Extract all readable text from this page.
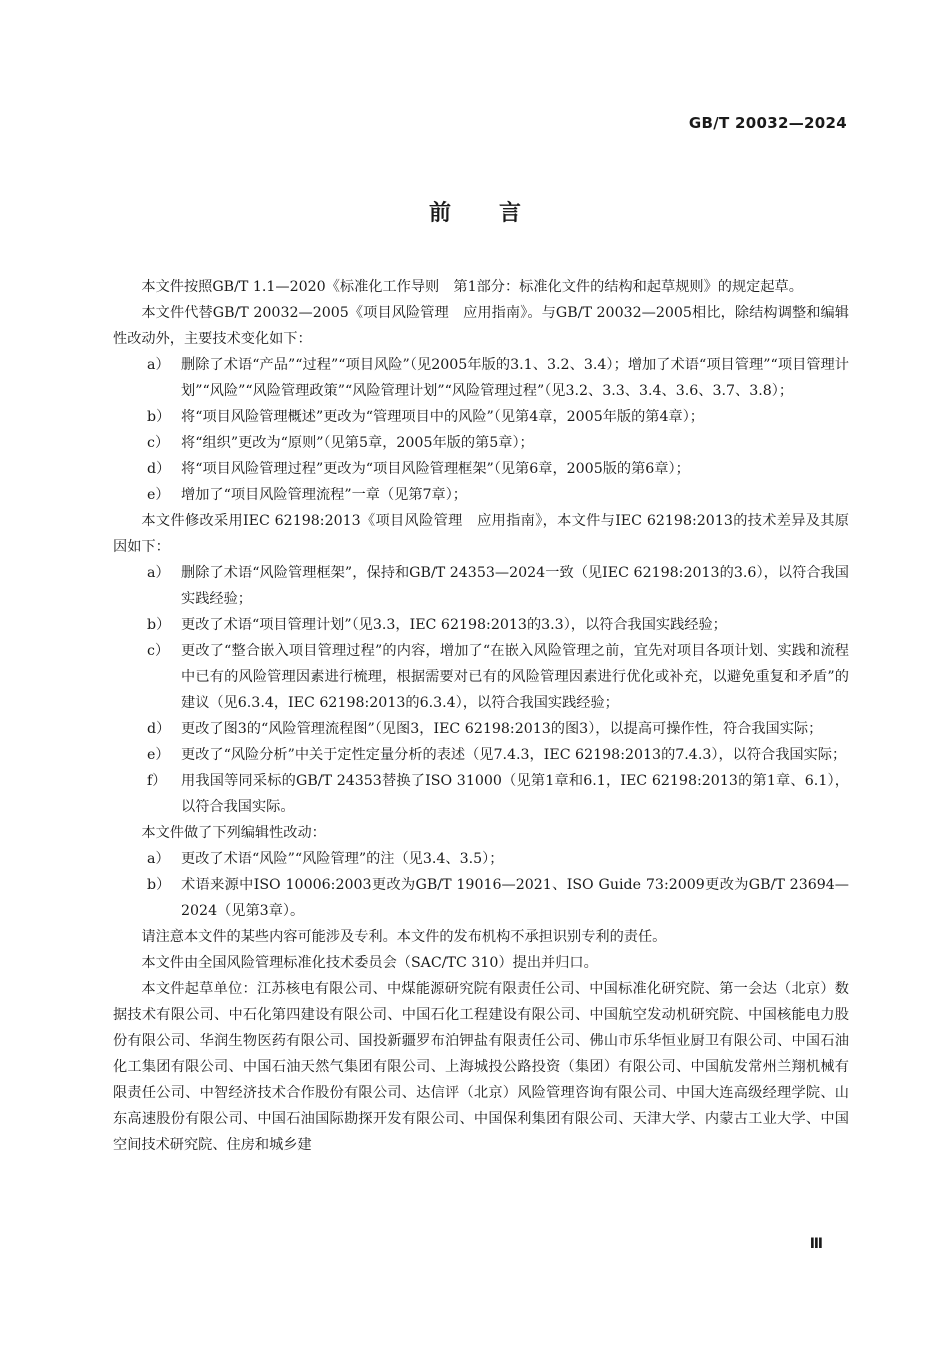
GB/T 20032—2024
前言

本文件按照GB/T 1.1—2020《标准化工作导则　第1部分：标准化文件的结构和起草规则》的规定起草。

本文件代替GB/T 20032—2005《项目风险管理　应用指南》。与GB/T 20032—2005相比，除结构调整和编辑性改动外，主要技术变化如下：

a） 删除了术语“产品”“过程”“项目风险”（见2005年版的3.1、3.2、3.4）；增加了术语“项目管理”“项目管理计划”“风险”“风险管理政策”“风险管理计划”“风险管理过程”（见3.2、3.3、3.4、3.6、3.7、3.8）；
b） 将“项目风险管理概述”更改为“管理项目中的风险”（见第4章，2005年版的第4章）；
c） 将“组织”更改为“原则”（见第5章，2005年版的第5章）；
d） 将“项目风险管理过程”更改为“项目风险管理框架”（见第6章，2005版的第6章）；
e） 增加了“项目风险管理流程”一章（见第7章）；

本文件修改采用IEC 62198:2013《项目风险管理　应用指南》，本文件与IEC 62198:2013的技术差异及其原因如下：

a） 删除了术语“风险管理框架”，保持和GB/T 24353—2024一致（见IEC 62198:2013的3.6），以符合我国实践经验；
b） 更改了术语“项目管理计划”（见3.3，IEC 62198:2013的3.3），以符合我国实践经验；
c） 更改了“整合嵌入项目管理过程”的内容，增加了“在嵌入风险管理之前，宜先对项目各项计划、实践和流程中已有的风险管理因素进行梳理，根据需要对已有的风险管理因素进行优化或补充，以避免重复和矛盾”的建议（见6.3.4，IEC 62198:2013的6.3.4），以符合我国实践经验；
d） 更改了图3的“风险管理流程图”（见图3，IEC 62198:2013的图3），以提高可操作性，符合我国实际；
e） 更改了“风险分析”中关于定性定量分析的表述（见7.4.3，IEC 62198:2013的7.4.3），以符合我国实际；
f）	用我国等同采标的GB/T 24353替换了ISO 31000（见第1章和6.1，IEC 62198:2013的第1章、6.1），以符合我国实际。

本文件做了下列编辑性改动：

a） 更改了术语“风险”“风险管理”的注（见3.4、3.5）；
b） 术语来源中ISO 10006:2003更改为GB/T 19016—2021、ISO Guide 73:2009更改为GB/T 23694—2024（见第3章）。

请注意本文件的某些内容可能涉及专利。本文件的发布机构不承担识别专利的责任。

本文件由全国风险管理标准化技术委员会（SAC/TC 310）提出并归口。

本文件起草单位：江苏核电有限公司、中煤能源研究院有限责任公司、中国标准化研究院、第一会达（北京）数据技术有限公司、中石化第四建设有限公司、中国石化工程建设有限公司、中国航空发动机研究院、中国核能电力股份有限公司、华润生物医药有限公司、国投新疆罗布泊钾盐有限责任公司、佛山市乐华恒业厨卫有限公司、中国石油化工集团有限公司、中国石油天然气集团有限公司、上海城投公路投资（集团）有限公司、中国航发常州兰翔机械有限责任公司、中智经济技术合作股份有限公司、达信评（北京）风险管理咨询有限公司、中国大连高级经理学院、山东高速股份有限公司、中国石油国际勘探开发有限公司、中国保利集团有限公司、天津大学、内蒙古工业大学、中国空间技术研究院、住房和城乡建

Ⅲ
